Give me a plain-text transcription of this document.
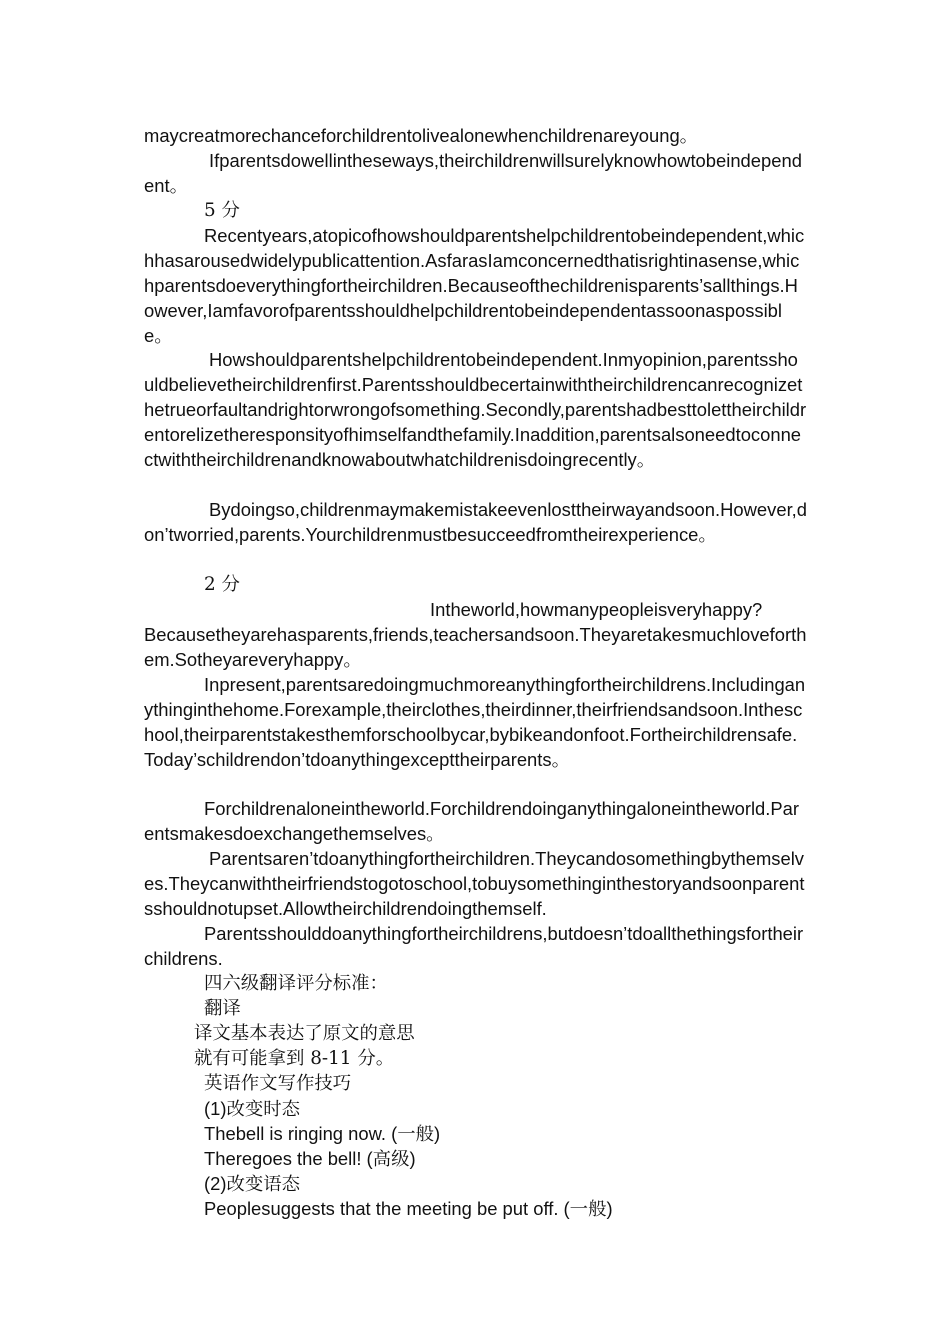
maycreatmorechanceforchildrentolivealonewhenchildrenareyoung。

Ifparentsdowellintheseways,theirchildrenwillsurelyknowhowtobeindependent。

5 分

Recentyears,atopicofhowshouldparentshelpchildrentobeindependent,whichhasarousedwidelypublicattention.AsfarasIamconcernedthatisrightinasense,whichparentsdoeverythingfortheirchildren.Becauseofthechildrenisparents’sallthings.However,Iamfavorofparentsshouldhelpchildrentobeindependentassoonaspossible。

Howshouldparentshelpchildrentobeindependent.Inmyopinion,parentsshouldbelievetheirchildrenfirst.Parentsshouldbecertainwiththeirchildrencanrecognizethetrueorfaultandrightorwrongofsomething.Secondly,parentshadbesttolettheirchildrentorelizetheresponsityofhimselfandthefamily.Inaddition,parentsalsoneedtoconnectwiththeirchildrenandknowaboutwhatchildrenisdoingrecently。

Bydoingso,childrenmaymakemistakeevenlosttheirwayandsoon.However,don’tworried,parents.Yourchildrenmustbesucceedfromtheirexperience。

2 分

Intheworld,howmanypeopleisveryhappy?

Becausetheyarehasparents,friends,teachersandsoon.Theyaretakesmuchloveforthem.Sotheyareveryhappy。

Inpresent,parentsaredoingmuchmoreanythingfortheirchildrens.Includinganythinginthehome.Forexample,theirclothes,theirdinner,theirfriendsandsoon.Intheschool,theirparentstakesthemforschoolbycar,bybikeandonfoot.Fortheirchildrensafe.Today’schildrendon’tdoanythingexcepttheirparents。

Forchildrenaloneintheworld.Forchildrendoinganythingaloneintheworld.Parentsmakesdoexchangethemselves。

Parentsaren’tdoanythingfortheirchildren.Theycandosomethingbythemselves.Theycanwiththeirfriendstogotoschool,tobuysomethinginthestoryandsoonparentsshouldnotupset.Allowtheirchildrendoingthemself.

Parentsshoulddoanythingfortheirchildrens,butdoesn’tdoallthethingsfortheirchildrens.

四六级翻译评分标准：

翻译

译文基本表达了原文的意思

就有可能拿到 8-11 分。

英语作文写作技巧

(1)改变时态

Thebell is ringing now. (一般)

Theregoes the bell! (高级)

(2)改变语态

Peoplesuggests that the meeting be put off. (一般)
